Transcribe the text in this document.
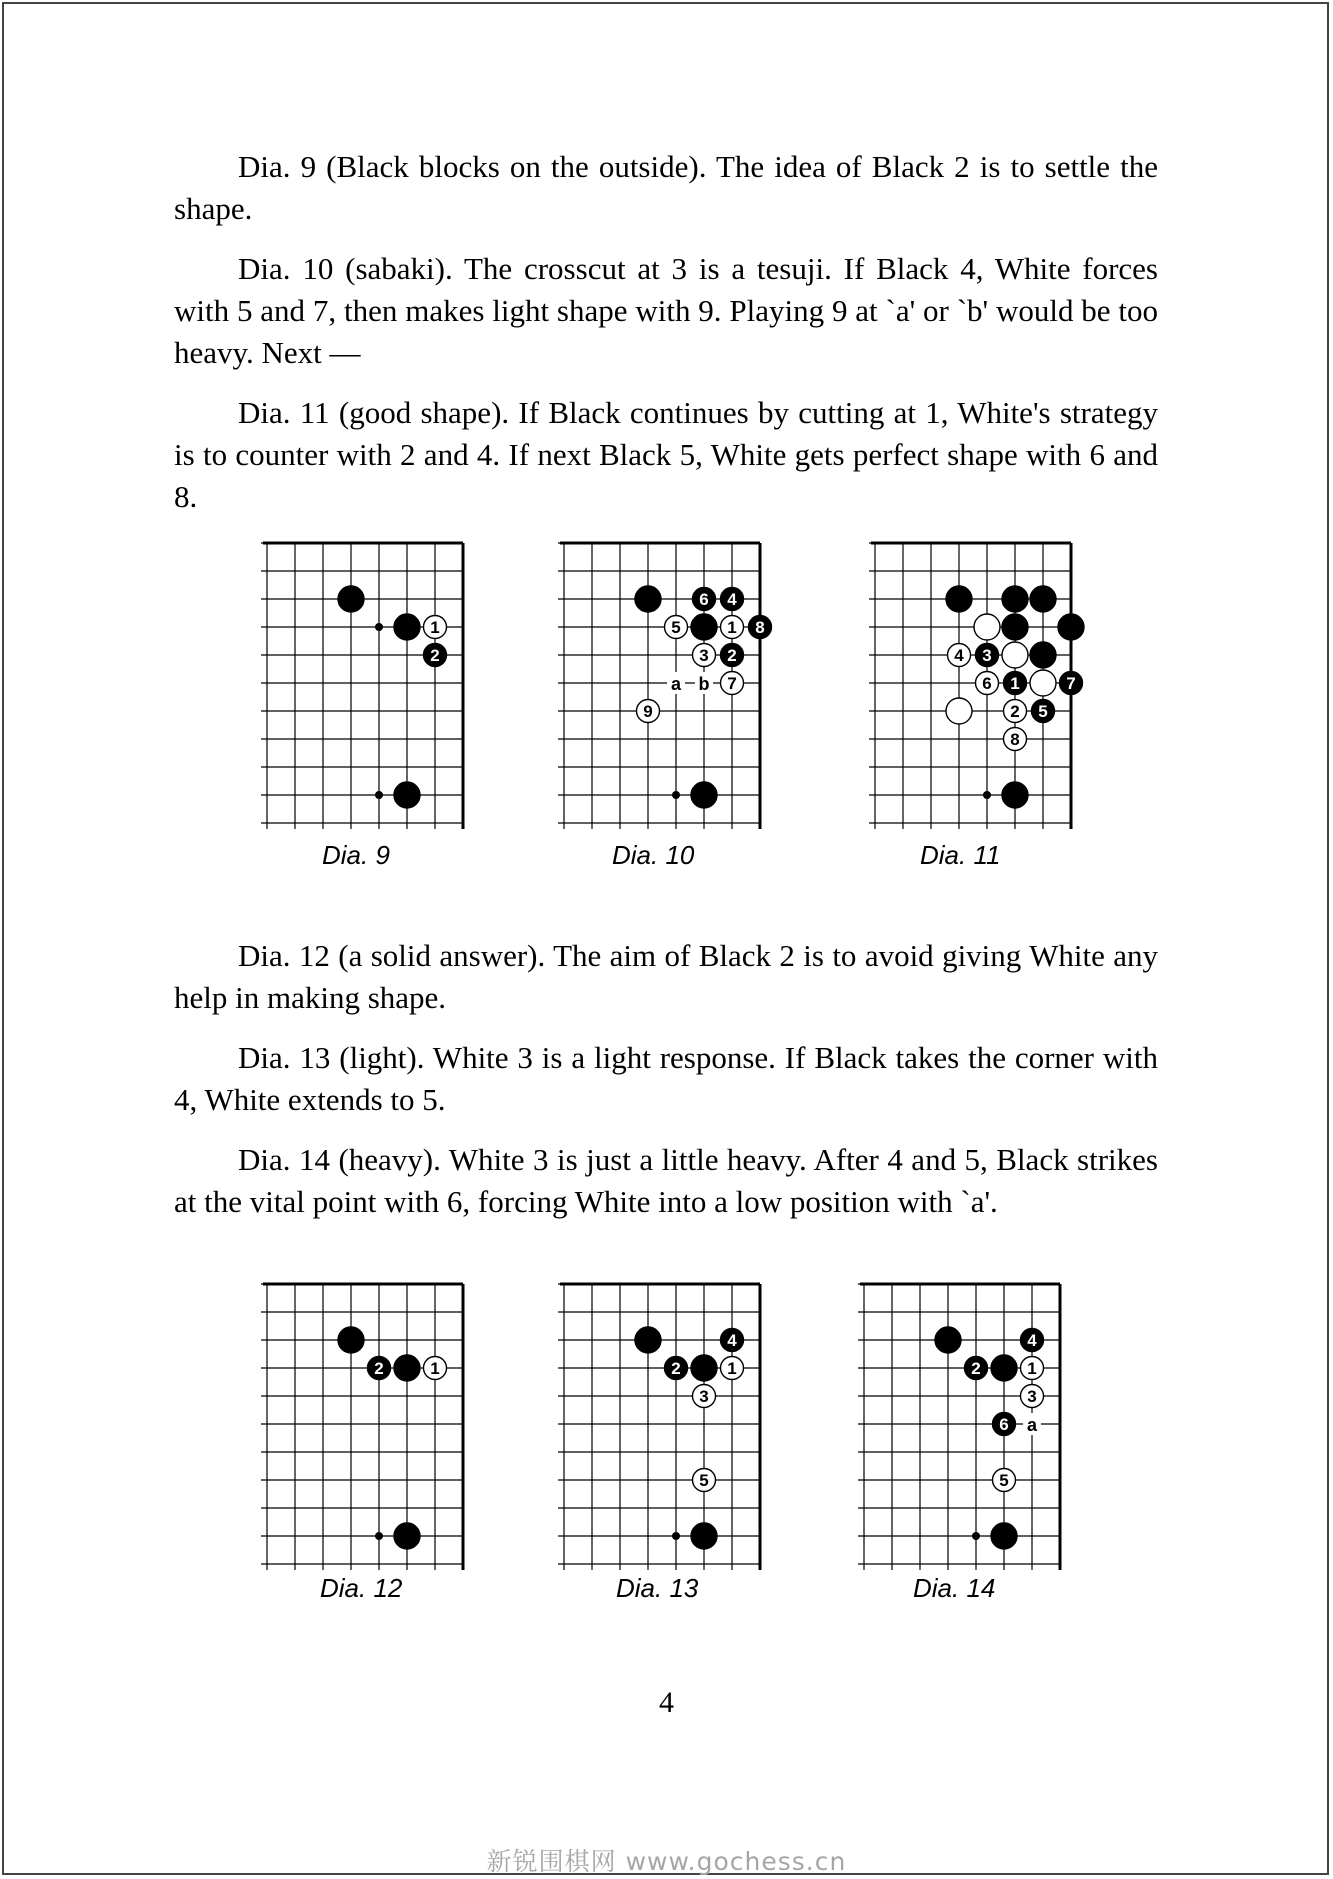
Dia. 9 (Black blocks on the outside). The idea of Black 2 is to settle the shape.

Dia. 10 (sabaki). The crosscut at 3 is a tesuji. If Black 4, White forces with 5 and 7, then makes light shape with 9. Playing 9 at `a' or `b' would be too heavy. Next —

Dia. 11 (good shape). If Black continues by cutting at 1, White's strategy is to counter with 2 and 4. If next Black 5, White gets perfect shape with 6 and 8.

1
2
a b
6 4
5	1 8
3 2
7
9
4 3
6 1	7
2 5
8
Dia. 9	Dia. 10	Dia. 11

Dia. 12 (a solid answer). The aim of Black 2 is to avoid giving White any help in making shape.

Dia. 13 (light). White 3 is a light response. If Black takes the corner with 4, White extends to 5.

Dia. 14 (heavy). White 3 is just a little heavy. After 4 and 5, Black strikes at the vital point with 6, forcing White into a low position with `a'.

2	1
4
2	1
3
5
a
4
2	1
3
6
5
Dia. 12	Dia. 13	Dia. 14
4
新锐围棋网 www.gochess.cn
